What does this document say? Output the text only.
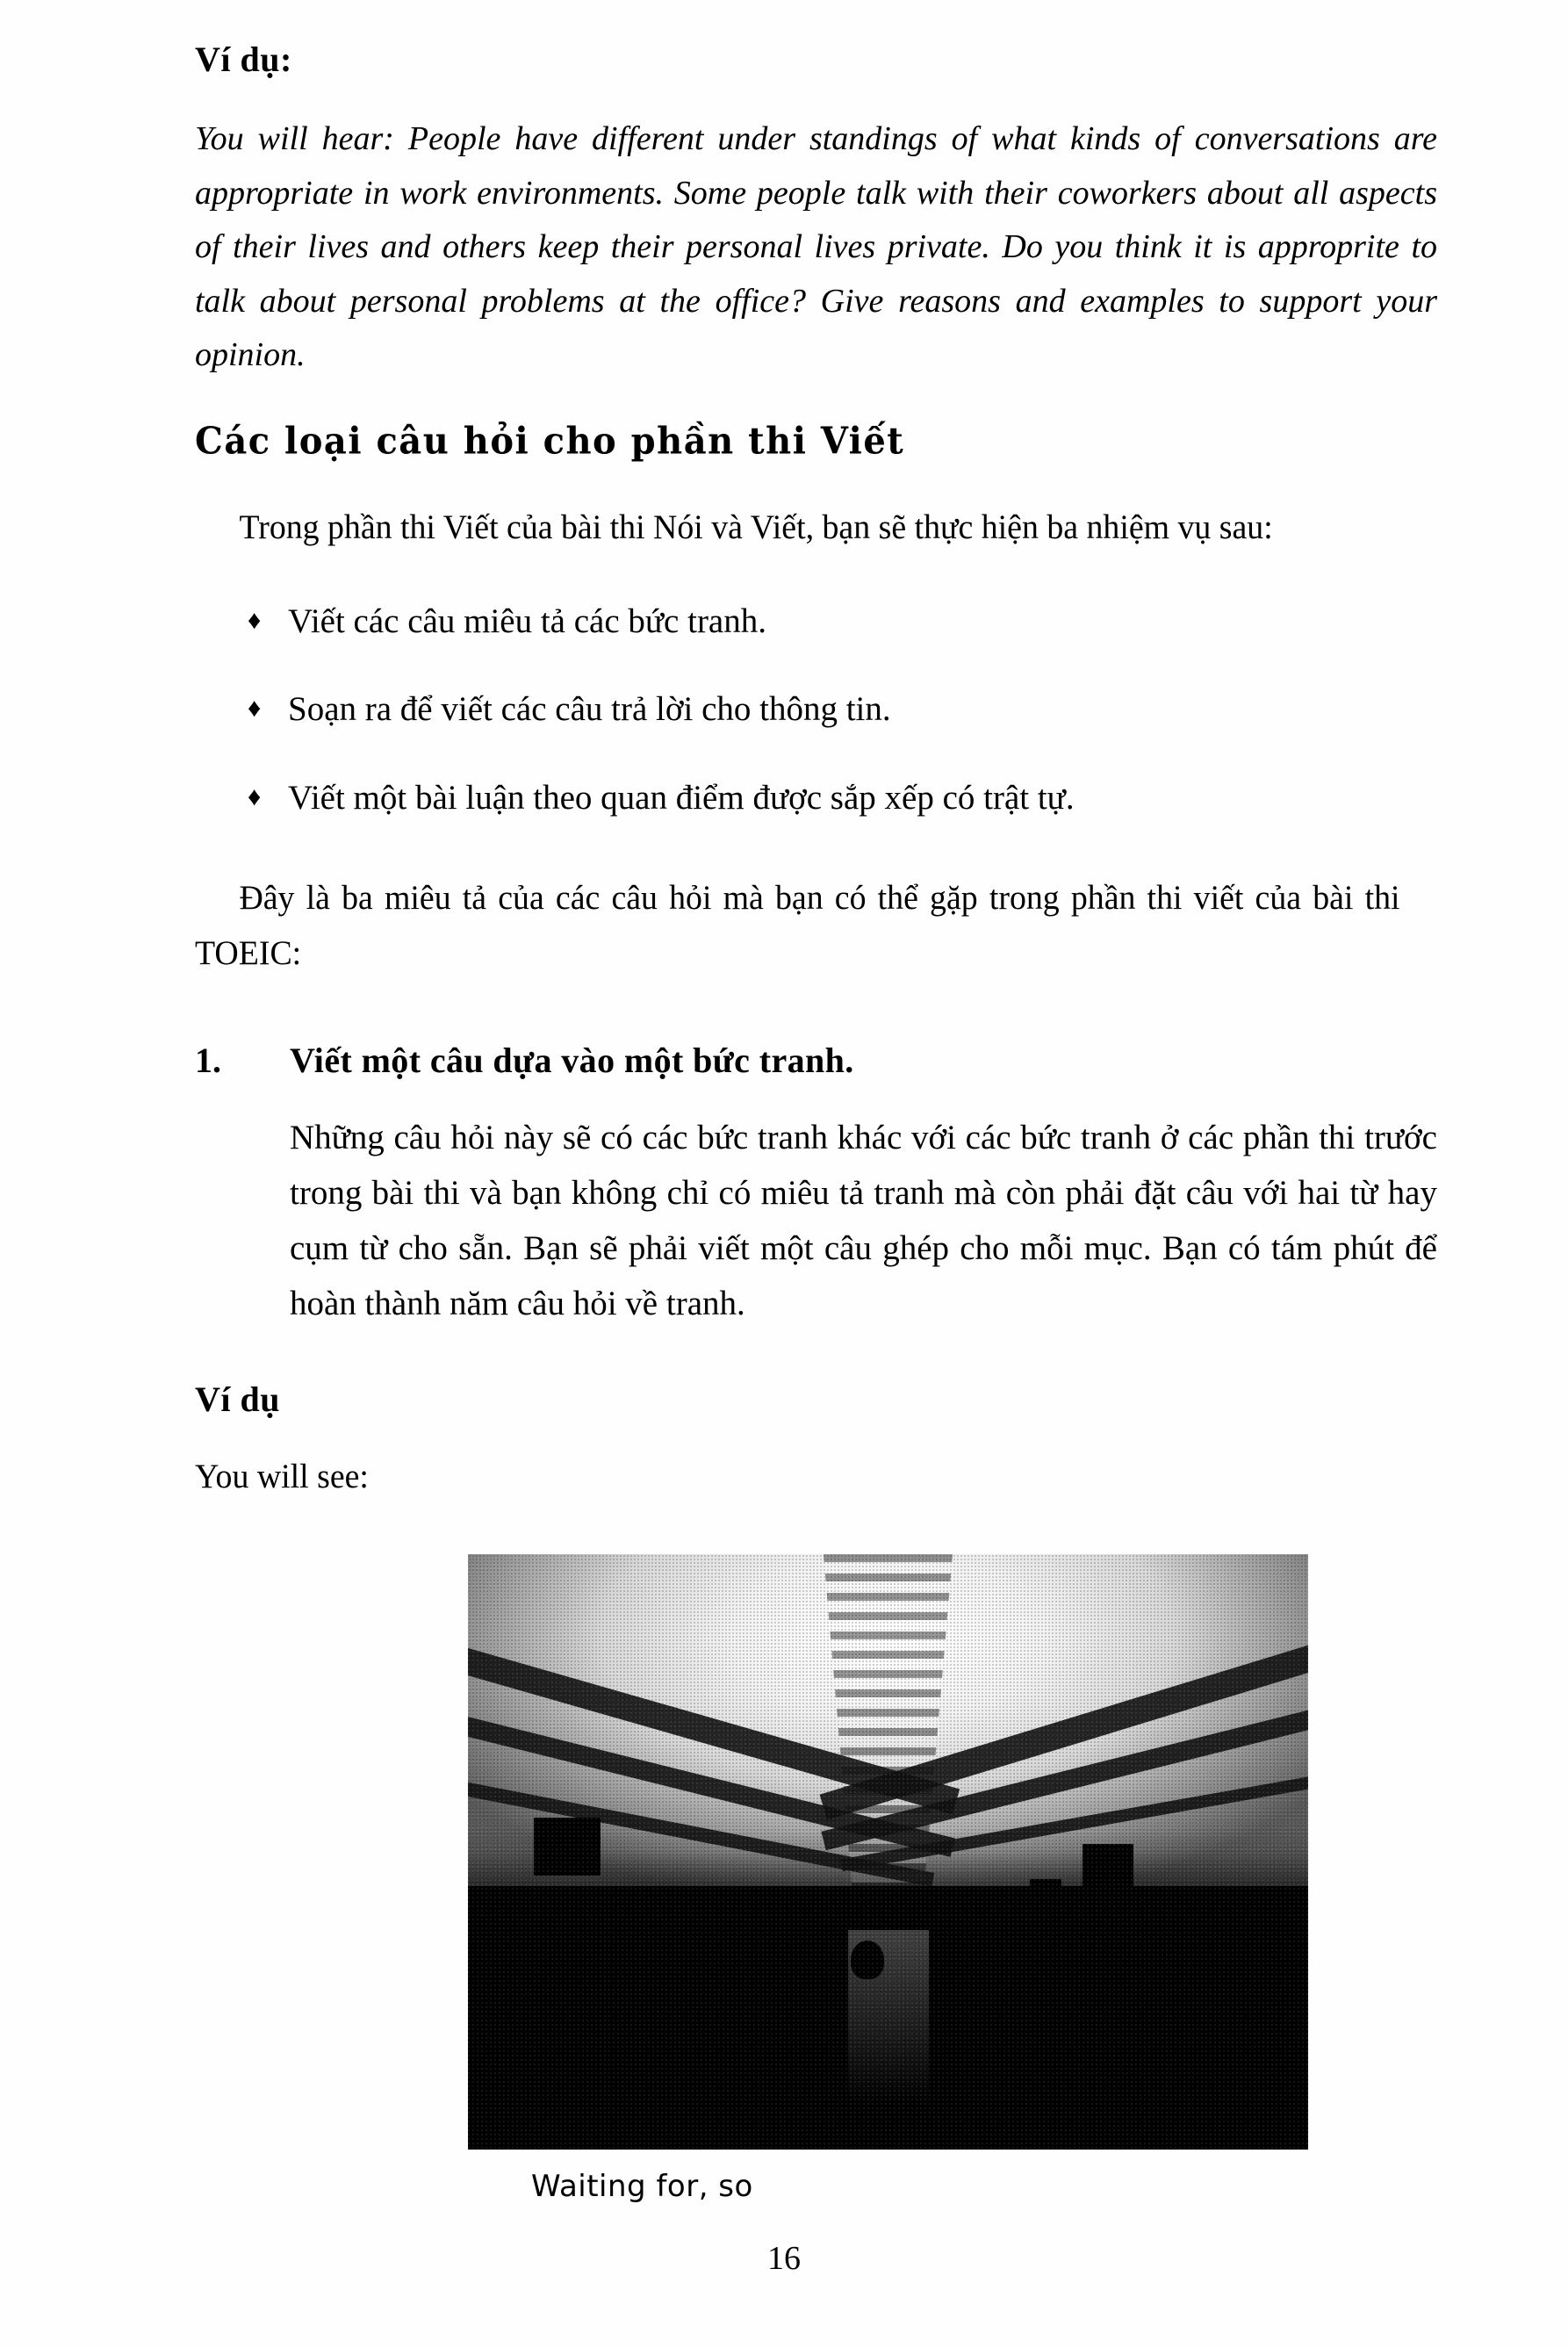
Ví dụ:
You will hear: People have different under standings of what kinds of conversations are appropriate in work environments. Some people talk with their coworkers about all aspects of their lives and others keep their personal lives private. Do you think it is approprite to talk about personal problems at the office? Give reasons and examples to support your opinion.
Các loại câu hỏi cho phần thi Viết
Trong phần thi Viết của bài thi Nói và Viết, bạn sẽ thực hiện ba nhiệm vụ sau:
♦ Viết các câu miêu tả các bức tranh.
♦ Soạn ra để viết các câu trả lời cho thông tin.
♦ Viết một bài luận theo quan điểm được sắp xếp có trật tự.
Đây là ba miêu tả của các câu hỏi mà bạn có thể gặp trong phần thi viết của bài thi TOEIC:
1.	Viết một câu dựa vào một bức tranh.
Những câu hỏi này sẽ có các bức tranh khác với các bức tranh ở các phần thi trước trong bài thi và bạn không chỉ có miêu tả tranh mà còn phải đặt câu với hai từ hay cụm từ cho sẵn. Bạn sẽ phải viết một câu ghép cho mỗi mục. Bạn có tám phút để hoàn thành năm câu hỏi về tranh.
Ví dụ
You will see:
Waiting for, so
16
